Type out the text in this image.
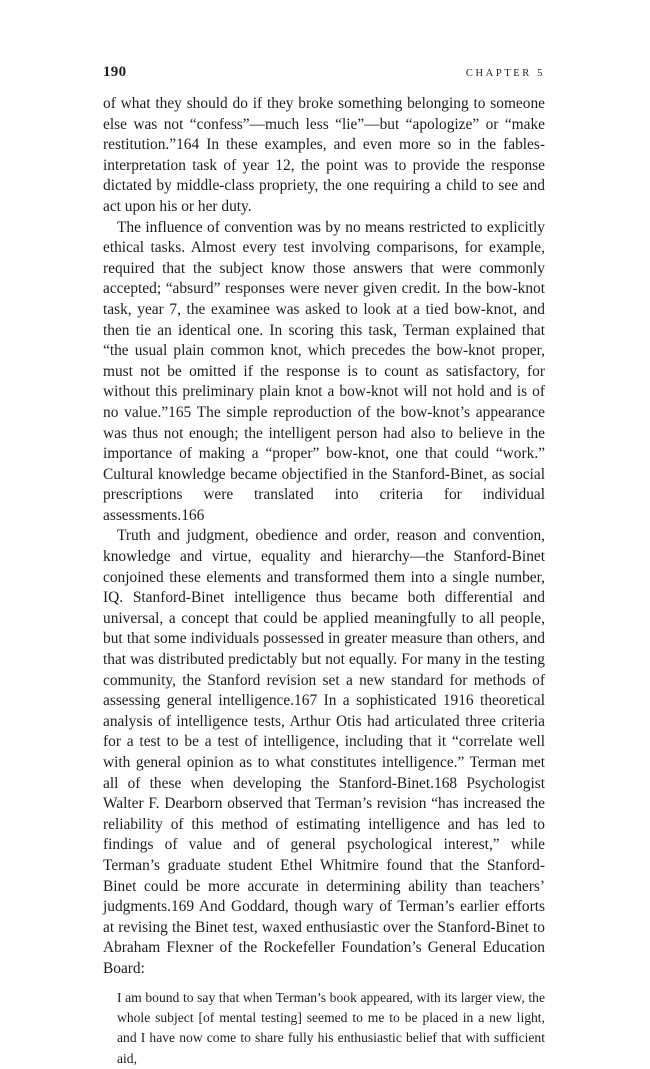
190	CHAPTER 5

of what they should do if they broke something belonging to someone else was not “confess”—much less “lie”—but “apologize” or “make restitution.”164 In these examples, and even more so in the fables-interpretation task of year 12, the point was to provide the response dictated by middle-class propriety, the one requiring a child to see and act upon his or her duty.

The influence of convention was by no means restricted to explicitly ethical tasks. Almost every test involving comparisons, for example, required that the subject know those answers that were commonly accepted; “absurd” responses were never given credit. In the bow-knot task, year 7, the examinee was asked to look at a tied bow-knot, and then tie an identical one. In scoring this task, Terman explained that “the usual plain common knot, which precedes the bow-knot proper, must not be omitted if the response is to count as satisfactory, for without this preliminary plain knot a bow-knot will not hold and is of no value.”165 The simple reproduction of the bow-knot’s appearance was thus not enough; the intelligent person had also to believe in the importance of making a “proper” bow-knot, one that could “work.” Cultural knowledge became objectified in the Stanford-Binet, as social prescriptions were translated into criteria for individual assessments.166

Truth and judgment, obedience and order, reason and convention, knowledge and virtue, equality and hierarchy—the Stanford-Binet conjoined these elements and transformed them into a single number, IQ. Stanford-Binet intelligence thus became both differential and universal, a concept that could be applied meaningfully to all people, but that some individuals possessed in greater measure than others, and that was distributed predictably but not equally. For many in the testing community, the Stanford revision set a new standard for methods of assessing general intelligence.167 In a sophisticated 1916 theoretical analysis of intelligence tests, Arthur Otis had articulated three criteria for a test to be a test of intelligence, including that it “correlate well with general opinion as to what constitutes intelligence.” Terman met all of these when developing the Stanford-Binet.168 Psychologist Walter F. Dearborn observed that Terman’s revision “has increased the reliability of this method of estimating intelligence and has led to findings of value and of general psychological interest,” while Terman’s graduate student Ethel Whitmire found that the Stanford-Binet could be more accurate in determining ability than teachers’ judgments.169 And Goddard, though wary of Terman’s earlier efforts at revising the Binet test, waxed enthusiastic over the Stanford-Binet to Abraham Flexner of the Rockefeller Foundation’s General Education Board:

I am bound to say that when Terman’s book appeared, with its larger view, the whole subject [of mental testing] seemed to me to be placed in a new light, and I have now come to share fully his enthusiastic belief that with sufficient aid,
